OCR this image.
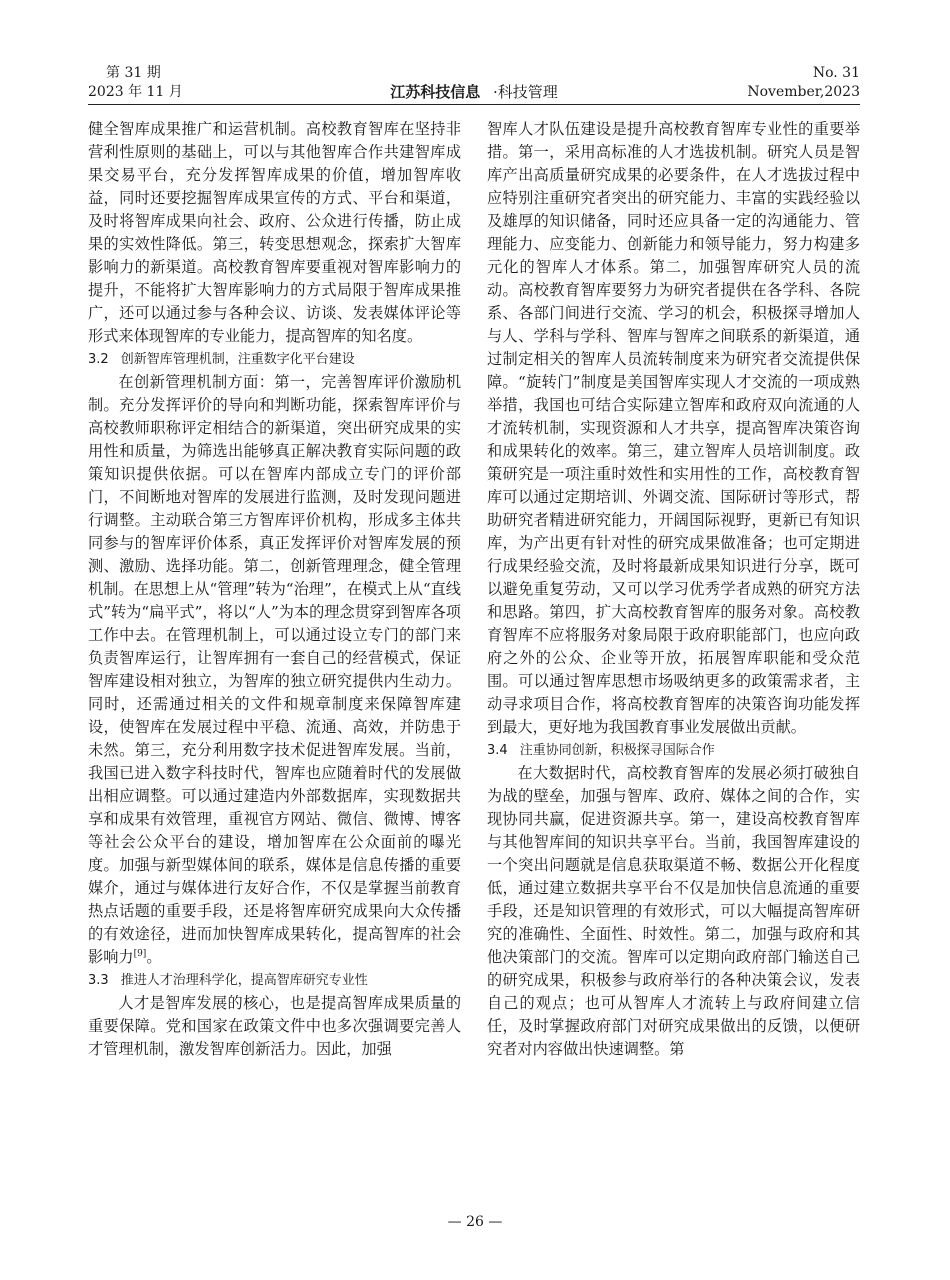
第 31 期
2023 年 11 月	江苏科技信息 ·科技管理
No. 31
November,2023

健全智库成果推广和运营机制。高校教育智库在坚持非营利性原则的基础上，可以与其他智库合作共建智库成果交易平台，充分发挥智库成果的价值，增加智库收益，同时还要挖掘智库成果宣传的方式、平台和渠道，及时将智库成果向社会、政府、公众进行传播，防止成果的实效性降低。第三，转变思想观念，探索扩大智库影响力的新渠道。高校教育智库要重视对智库影响力的提升，不能将扩大智库影响力的方式局限于智库成果推广，还可以通过参与各种会议、访谈、发表媒体评论等形式来体现智库的专业能力，提高智库的知名度。

3.2 创新智库管理机制，注重数字化平台建设

在创新管理机制方面：第一，完善智库评价激励机制。充分发挥评价的导向和判断功能，探索智库评价与高校教师职称评定相结合的新渠道，突出研究成果的实用性和质量，为筛选出能够真正解决教育实际问题的政策知识提供依据。可以在智库内部成立专门的评价部门，不间断地对智库的发展进行监测，及时发现问题进行调整。主动联合第三方智库评价机构，形成多主体共同参与的智库评价体系，真正发挥评价对智库发展的预测、激励、选择功能。第二，创新管理理念，健全管理机制。在思想上从“管理”转为“治理”，在模式上从“直线式”转为“扁平式”，将以“人”为本的理念贯穿到智库各项工作中去。在管理机制上，可以通过设立专门的部门来负责智库运行，让智库拥有一套自己的经营模式，保证智库建设相对独立，为智库的独立研究提供内生动力。同时，还需通过相关的文件和规章制度来保障智库建设，使智库在发展过程中平稳、流通、高效，并防患于未然。第三，充分利用数字技术促进智库发展。当前，我国已进入数字科技时代，智库也应随着时代的发展做出相应调整。可以通过建造内外部数据库，实现数据共享和成果有效管理，重视官方网站、微信、微博、博客等社会公众平台的建设，增加智库在公众面前的曝光度。加强与新型媒体间的联系，媒体是信息传播的重要媒介，通过与媒体进行友好合作，不仅是掌握当前教育热点话题的重要手段，还是将智库研究成果向大众传播的有效途径，进而加快智库成果转化，提高智库的社会影响力[9]。

3.3 推进人才治理科学化，提高智库研究专业性

人才是智库发展的核心，也是提高智库成果质量的重要保障。党和国家在政策文件中也多次强调要完善人才管理机制，激发智库创新活力。因此，加强

智库人才队伍建设是提升高校教育智库专业性的重要举措。第一，采用高标准的人才选拔机制。研究人员是智库产出高质量研究成果的必要条件，在人才选拔过程中应特别注重研究者突出的研究能力、丰富的实践经验以及雄厚的知识储备，同时还应具备一定的沟通能力、管理能力、应变能力、创新能力和领导能力，努力构建多元化的智库人才体系。第二，加强智库研究人员的流动。高校教育智库要努力为研究者提供在各学科、各院系、各部门间进行交流、学习的机会，积极探寻增加人与人、学科与学科、智库与智库之间联系的新渠道，通过制定相关的智库人员流转制度来为研究者交流提供保障。“旋转门”制度是美国智库实现人才交流的一项成熟举措，我国也可结合实际建立智库和政府双向流通的人才流转机制，实现资源和人才共享，提高智库决策咨询和成果转化的效率。第三，建立智库人员培训制度。政策研究是一项注重时效性和实用性的工作，高校教育智库可以通过定期培训、外调交流、国际研讨等形式，帮助研究者精进研究能力，开阔国际视野，更新已有知识库，为产出更有针对性的研究成果做准备；也可定期进行成果经验交流，及时将最新成果知识进行分享，既可以避免重复劳动，又可以学习优秀学者成熟的研究方法和思路。第四，扩大高校教育智库的服务对象。高校教育智库不应将服务对象局限于政府职能部门，也应向政府之外的公众、企业等开放，拓展智库职能和受众范围。可以通过智库思想市场吸纳更多的政策需求者，主动寻求项目合作，将高校教育智库的决策咨询功能发挥到最大，更好地为我国教育事业发展做出贡献。

3.4 注重协同创新，积极探寻国际合作

在大数据时代，高校教育智库的发展必须打破独自为战的壁垒，加强与智库、政府、媒体之间的合作，实现协同共赢，促进资源共享。第一，建设高校教育智库与其他智库间的知识共享平台。当前，我国智库建设的一个突出问题就是信息获取渠道不畅、数据公开化程度低，通过建立数据共享平台不仅是加快信息流通的重要手段，还是知识管理的有效形式，可以大幅提高智库研究的准确性、全面性、时效性。第二，加强与政府和其他决策部门的交流。智库可以定期向政府部门输送自己的研究成果，积极参与政府举行的各种决策会议，发表自己的观点；也可从智库人才流转上与政府间建立信任，及时掌握政府部门对研究成果做出的反馈，以便研究者对内容做出快速调整。第

— 26 —
